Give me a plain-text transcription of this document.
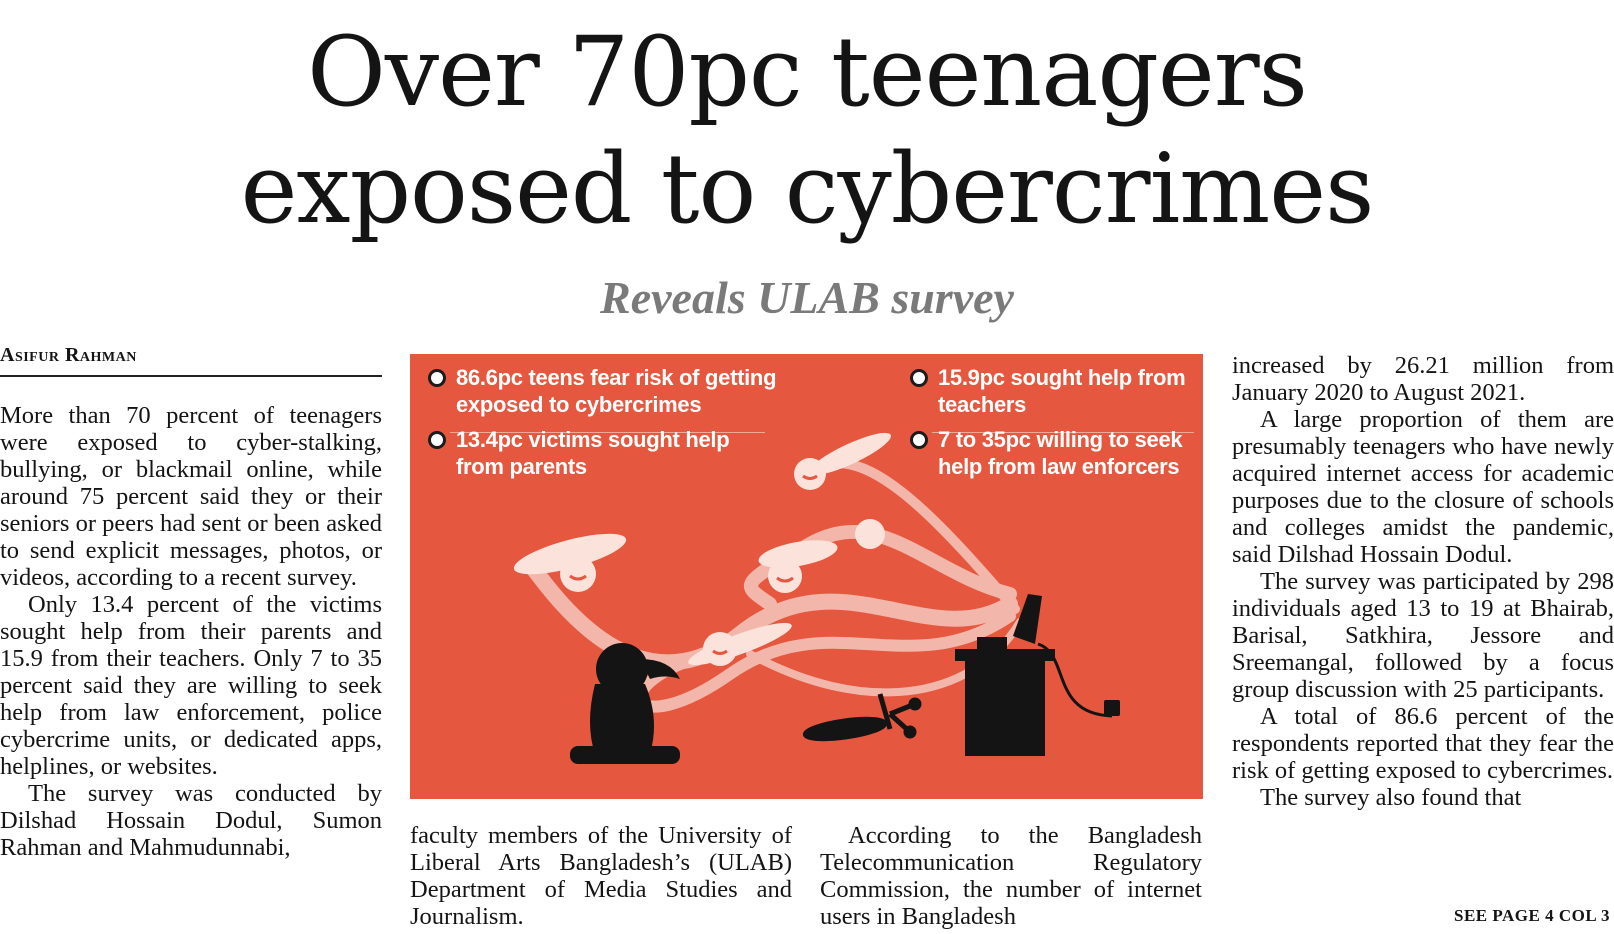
Over 70pc teenagers
exposed to cybercrimes
Reveals ULAB survey
Asifur Rahman

More than 70 percent of teenagers were exposed to cyber-stalking, bullying, or blackmail online, while around 75 percent said they or their seniors or peers had sent or been asked to send explicit messages, photos, or videos, according to a recent survey.

Only 13.4 percent of the victims sought help from their parents and 15.9 from their teachers. Only 7 to 35 percent said they are willing to seek help from law enforcement, police cybercrime units, or dedicated apps, helplines, or websites.

The survey was conducted by Dilshad Hossain Dodul, Sumon Rahman and Mahmudunnabi,

86.6pc teens fear risk of getting
exposed to cybercrimes
13.4pc victims sought help
from parents
15.9pc sought help from
teachers
7 to 35pc willing to seek
help from law enforcers

faculty members of the University of Liberal Arts Bangladesh’s (ULAB) Department of Media Studies and Journalism.

According to the Bangladesh Telecommunication Regulatory Commission, the number of internet users in Bangladesh

increased by 26.21 million from January 2020 to August 2021.

A large proportion of them are presumably teenagers who have newly acquired internet access for academic purposes due to the closure of schools and colleges amidst the pandemic, said Dilshad Hossain Dodul.

The survey was participated by 298 individuals aged 13 to 19 at Bhairab, Barisal, Satkhira, Jessore and Sreemangal, followed by a focus group discussion with 25 participants.

A total of 86.6 percent of the respondents reported that they fear the risk of getting exposed to cybercrimes.

The survey also found that

SEE PAGE 4 COL 3
